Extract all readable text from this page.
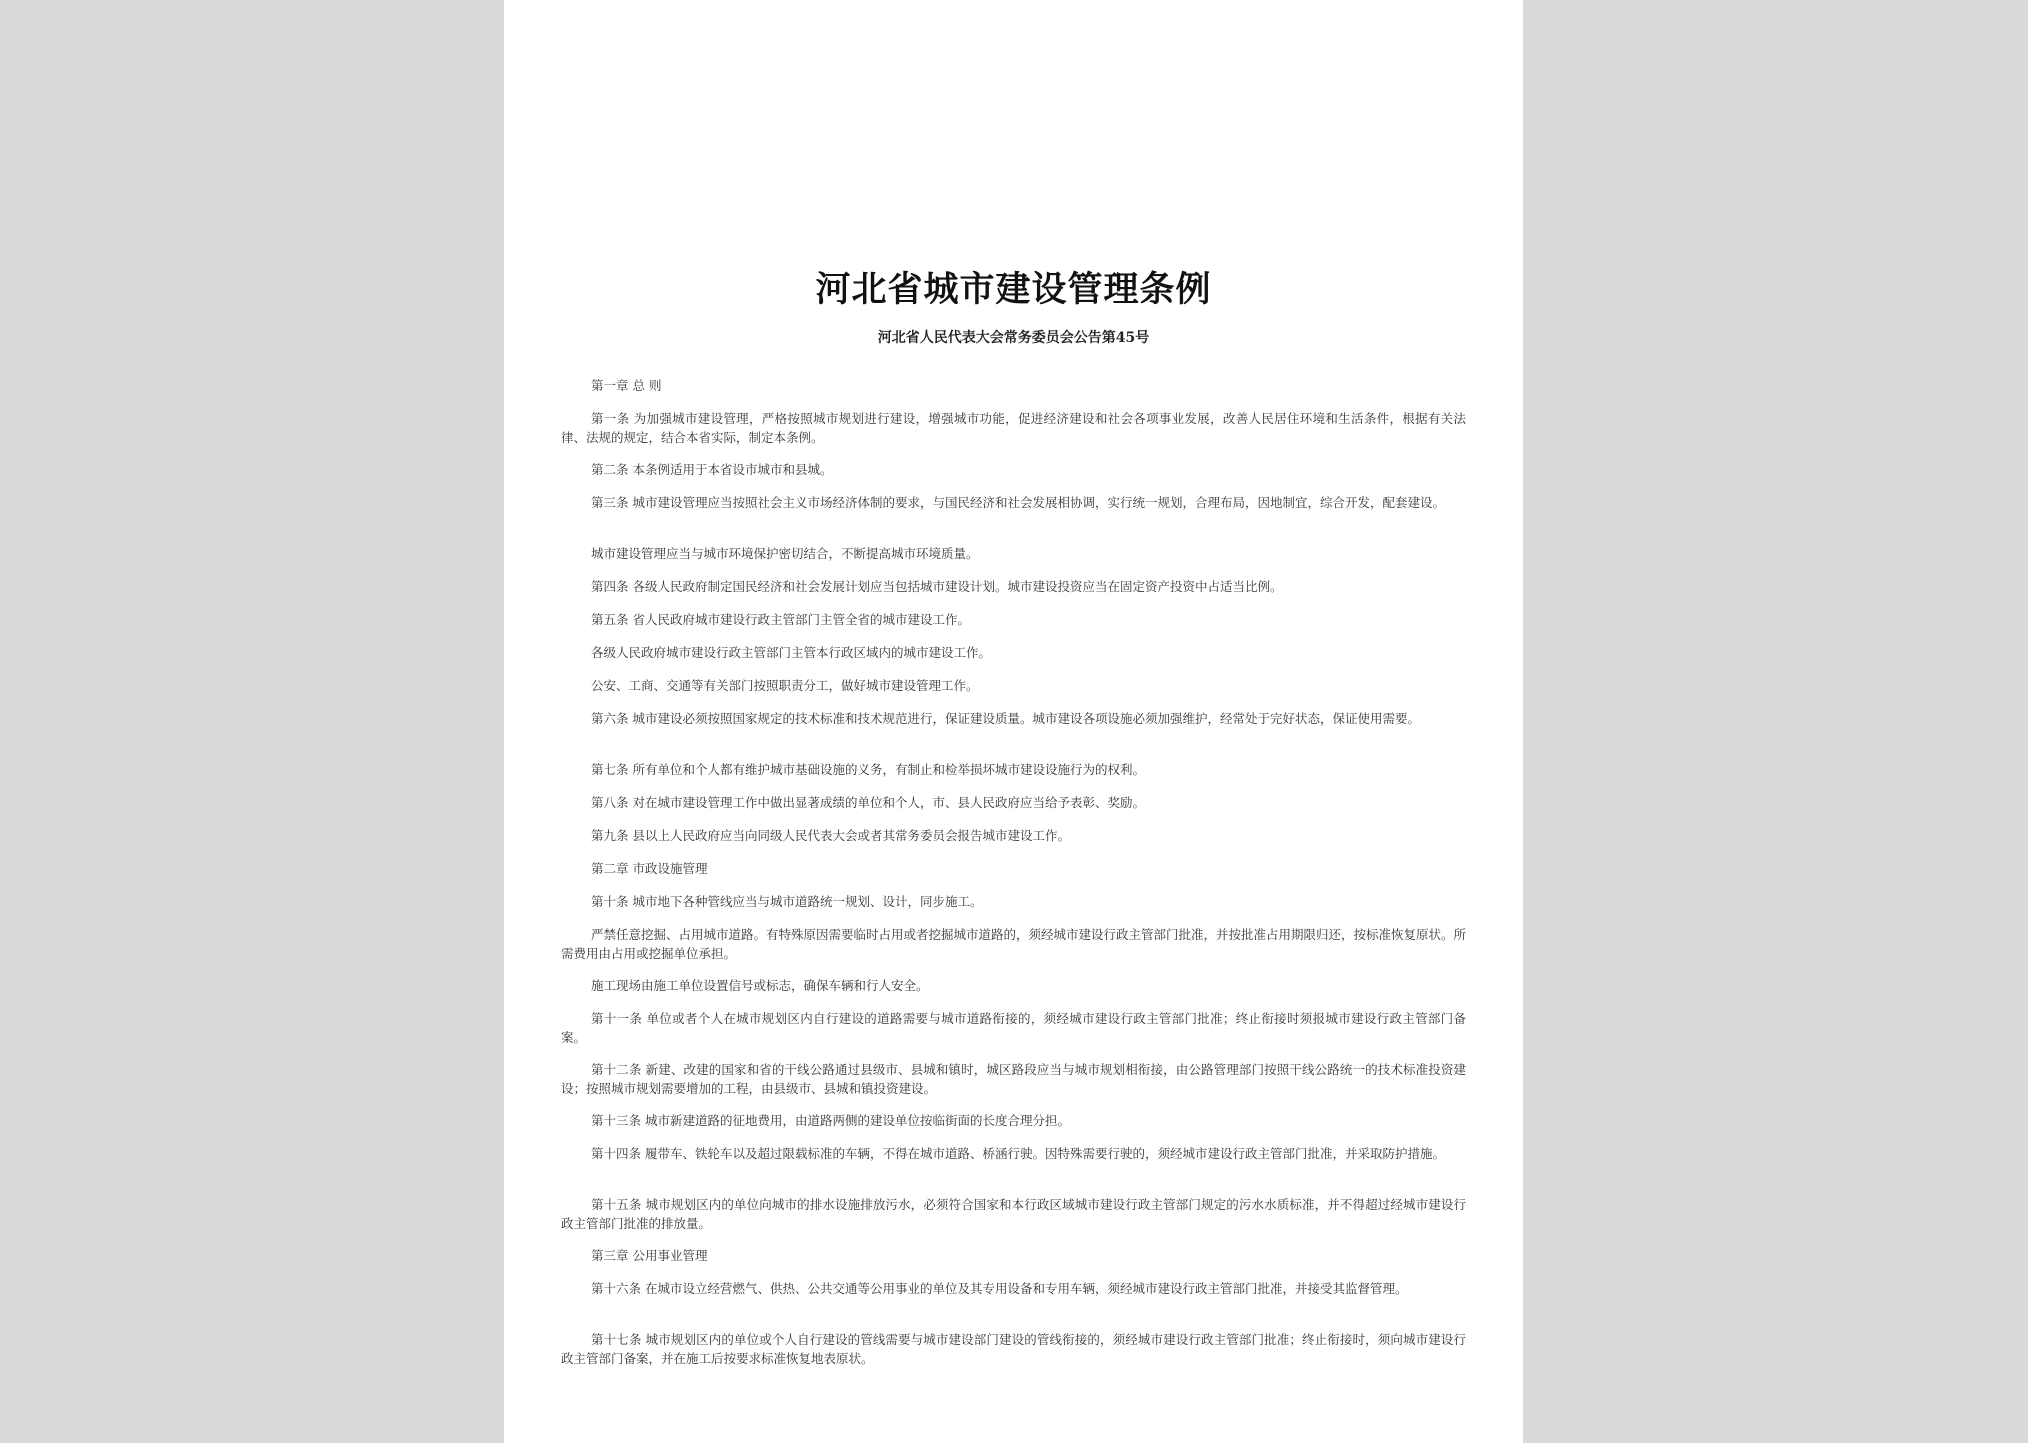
河北省城市建设管理条例

河北省人民代表大会常务委员会公告第45号

第一章 总 则

第一条 为加强城市建设管理，严格按照城市规划进行建设，增强城市功能，促进经济建设和社会各项事业发展，改善人民居住环境和生活条件，根据有关法律、法规的规定，结合本省实际，制定本条例。

第二条 本条例适用于本省设市城市和县城。

第三条 城市建设管理应当按照社会主义市场经济体制的要求，与国民经济和社会发展相协调，实行统一规划，合理布局，因地制宜，综合开发，配套建设。

城市建设管理应当与城市环境保护密切结合，不断提高城市环境质量。

第四条 各级人民政府制定国民经济和社会发展计划应当包括城市建设计划。城市建设投资应当在固定资产投资中占适当比例。

第五条 省人民政府城市建设行政主管部门主管全省的城市建设工作。

各级人民政府城市建设行政主管部门主管本行政区域内的城市建设工作。

公安、工商、交通等有关部门按照职责分工，做好城市建设管理工作。

第六条 城市建设必须按照国家规定的技术标准和技术规范进行，保证建设质量。城市建设各项设施必须加强维护，经常处于完好状态，保证使用需要。

第七条 所有单位和个人都有维护城市基础设施的义务，有制止和检举损坏城市建设设施行为的权利。

第八条 对在城市建设管理工作中做出显著成绩的单位和个人，市、县人民政府应当给予表彰、奖励。

第九条 县以上人民政府应当向同级人民代表大会或者其常务委员会报告城市建设工作。

第二章 市政设施管理

第十条 城市地下各种管线应当与城市道路统一规划、设计，同步施工。

严禁任意挖掘、占用城市道路。有特殊原因需要临时占用或者挖掘城市道路的，须经城市建设行政主管部门批准，并按批准占用期限归还，按标准恢复原状。所需费用由占用或挖掘单位承担。

施工现场由施工单位设置信号或标志，确保车辆和行人安全。

第十一条 单位或者个人在城市规划区内自行建设的道路需要与城市道路衔接的，须经城市建设行政主管部门批准；终止衔接时须报城市建设行政主管部门备案。

第十二条 新建、改建的国家和省的干线公路通过县级市、县城和镇时，城区路段应当与城市规划相衔接，由公路管理部门按照干线公路统一的技术标准投资建设；按照城市规划需要增加的工程，由县级市、县城和镇投资建设。

第十三条 城市新建道路的征地费用，由道路两侧的建设单位按临街面的长度合理分担。

第十四条 履带车、铁轮车以及超过限载标准的车辆，不得在城市道路、桥涵行驶。因特殊需要行驶的，须经城市建设行政主管部门批准，并采取防护措施。

第十五条 城市规划区内的单位向城市的排水设施排放污水，必须符合国家和本行政区域城市建设行政主管部门规定的污水水质标准，并不得超过经城市建设行政主管部门批准的排放量。

第三章 公用事业管理

第十六条 在城市设立经营燃气、供热、公共交通等公用事业的单位及其专用设备和专用车辆，须经城市建设行政主管部门批准，并接受其监督管理。

第十七条 城市规划区内的单位或个人自行建设的管线需要与城市建设部门建设的管线衔接的，须经城市建设行政主管部门批准；终止衔接时，须向城市建设行政主管部门备案，并在施工后按要求标准恢复地表原状。
